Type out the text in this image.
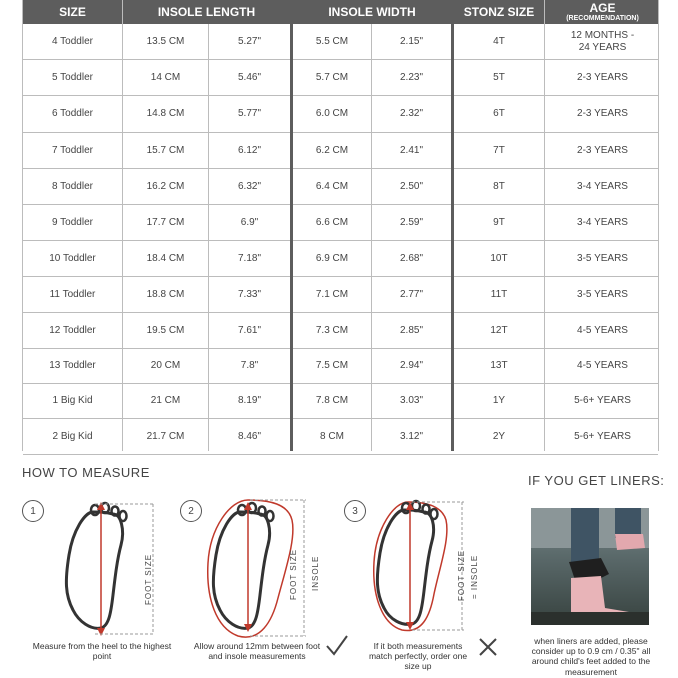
SIZE	INSOLE LENGTH	INSOLE WIDTH	STONZ SIZE	AGE
(RECOMMENDATION)
4 Toddler	13.5 CM	5.27"	5.5 CM	2.15"	4T
12 MONTHS -
24 YEARS
5 Toddler	14 CM	5.46"	5.7 CM	2.23"	5T	2-3 YEARS
6 Toddler	14.8 CM	5.77"	6.0 CM	2.32"	6T	2-3 YEARS
7 Toddler	15.7 CM	6.12"	6.2 CM	2.41"	7T	2-3 YEARS
8 Toddler	16.2 CM	6.32"	6.4 CM	2.50"	8T	3-4 YEARS
9 Toddler	17.7 CM	6.9"	6.6 CM	2.59"	9T	3-4 YEARS
10 Toddler	18.4 CM	7.18"	6.9 CM	2.68"	10T	3-5 YEARS
11 Toddler	18.8 CM	7.33"	7.1 CM	2.77"	11T	3-5 YEARS
12 Toddler	19.5 CM	7.61"	7.3 CM	2.85"	12T	4-5 YEARS
13 Toddler	20 CM	7.8"	7.5 CM	2.94"	13T	4-5 YEARS
1 Big Kid	21 CM	8.19"	7.8 CM	3.03"	1Y	5-6+ YEARS
2 Big Kid	21.7 CM	8.46"	8 CM	3.12"	2Y	5-6+ YEARS
HOW TO MEASURE
IF YOU GET LINERS:
1
FOOT SIZE
Measure from the heel to the highest point
2
FOOT SIZE INSOLE
Allow around 12mm between foot and insole measurements
3
FOOT SIZE = INSOLE
If it both measurements match perfectly, order one size up
when liners are added, please consider up to 0.9 cm / 0.35" all around child's feet added to the measurement
